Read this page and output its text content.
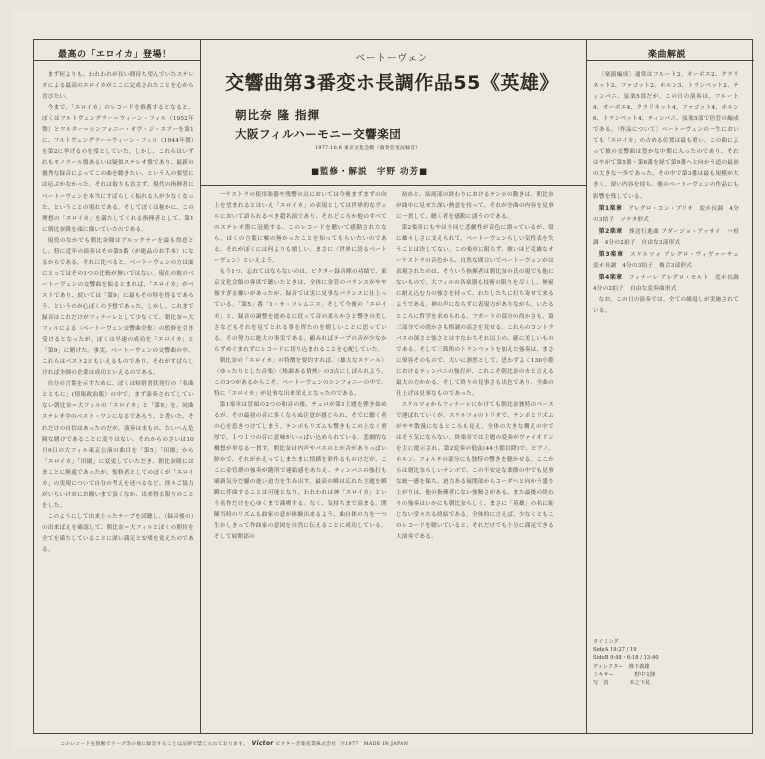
最高の「エロイカ」登場！

まず何よりも、われわれが長い間待ち望んでいたステレオによる最高のエロイカがここに完成されたことを心から喜びたい。

今まで、「エロイカ」のレコードを推薦するとなると、ぼくはフルトヴェングラー＝ウィーン・フィル（1952年盤）とワルター＝シンフォニー・オヴ・ジ・エアーを第1に、フルトヴェングラー＝ウィーン・フィル（1944年盤）を第2に挙げるのを常としていた。しかし、これらはいずれもモノラール盤あるいは疑似ステレオ盤であり、最新の優秀な録音によってこの曲を聴きたい、という人の要望には応ぶかなかった。それは取りも直さず、現代の指揮者にベートーヴェンを本当にすばらしく振れる人が少なくなった、ということの現れである。そしてぼくは秘かに、この理想の「エロイカ」を満たしてくれる指揮者として、第1に朝比奈隆を頭に描いていたのである。

現役のなかでも朝比奈隆はブルックナーを最も得意とし、特に近年の演奏はその第5番（が絶品のお手本）になるからである。それに比べると、ベートーヴェンの方は面にとってはその1つの比較が無いではない。現在の彼のベートーヴェンの交響曲を振るとまれば、「エロイカ」がベストであり、続いては「第9」に最もその特を得るであろう、というのが心ぼくの予想であった。しかし、これまで録音はこれだけがフィナーレとして少なくて、朝比奈＝大フィルによる〈ベートーヴェン交響曲全集〉の監修を引き受けるとなったが、ぼくは早速の成功を「エロイカ」と「第9」に賭けた。事実、ベートーヴェンの交響曲の中、これらはベスト2ともいえるものであり、それがすばらしければ全師の企業は成功といえるのである。

自分の言葉を示すために、ぼくは帰借書状発行の「名曲とともに」(情報政治版）の中で、まず演奏されてしていない朝比奈＝大フィルの「エロイカ」と「第9」を、同曲ステレオ中のベスト・ワンになるであろう、と書いた。それだけの自信はあったのだが、演奏は水もの、たいへん危険な賭けであることに変りはない。それからのさいは10月6日の大フィル東京公演の曲目を「第5」「田園」から「エロイカ」「田園」に変更していただき、朝比奈隆にはまことに無遠であったが、監修者としてのぼくが「エロイカ」の実現について自分の考えを述べるなど、徐々ご協力がいちいけおにお願いまで頂くなか、出来得る限りのことをした。

このようにして出来上ったテープを試聴し、（録音後の）の出来ばえを確認して、朝比奈＝大フィルとぼくの期待を全てを満たしていることに深い満足と安堵を覚えたのである。

ベートーヴェン
交響曲第3番変ホ長調作品55《英雄》
朝比奈 隆 指揮
大阪フィルハーモニー交響楽団
1977.10.6 東京文化会館（演奏会実況録音）
■監修・解説　宇野 功芳■

一ケストラの使用楽器や残響の点においては今後まずまずの向上を望まれるとはいえ「エロイカ」の表現としては世界的なヴェルにおいて語られるべき超名演であり、それどころか他のすべてのステレオ盤に冠絶する。このレコードを聴いて感動されたなら、ほくの言葉に嘘の無かったことを知ってもらいたいのである。それがぼくには何よりも嬉しい。まさに〈世界に誇るベートーヴェン〉といえよう。

もう1つ、忘れてはならないのは、ビクター録音陣の功績で、東京文化会館の客席で聴いたときは、全体に金管のバランスがやや強すぎる嫌いがあったが、録音では実に見事なバランスに仕上っている。「第5」番「1・サ・ソレムニス」そして今後の「エロイカ」と、録音の調整を進めるに従って音の柔らかさと響きの美しさなどもそれを見てとれる事を得たのを嬉しいことに思っている。その努力に絶大の事実である。顧みればテープの音が少なからずめぐまれずにレコードに切り込まれることを心配していた。

朝比奈の「エロイカ」の特徴を要約すれば、〈雄大なスケール〉〈ゆったりとした音楽〉〈格調ある情熱〉の3点にしぼられよう。この3つがあるからこそ、ベートーヴェンのシンフォニーの中で、特に「エロイカ」が見事な出来栄えとなったのである。

第1楽章は冒頭の2つの和音の後、チェロが第1主題を弾き始めるが、その最初の音に多くならぬ注意が感じられ、そでに聴く者の心を惹きつけてしまう。テンポもリズムも響きもこの上なく重厚で、１つ１つの音に意味がいっぱい込められている。悲劇的な構想が単なる一貫す。朝比奈は内声やバスのとが音がありっぱい鮮かで、それがかえってしまたまに情緒を彩作るものけだが、ここに金管群の強奏が随所で連絡感をあたえ、ティンパニの強打も刷新気分だ騒の進い迫力を生み出す。最高の瞬は広れた主題を瞬瞬に伴曲することは可能となり、われわれは神「エロイカ」という名作だけを心ゆくまで満喫する。なく、気持ちまで高まる。開陳当時のリズムも曲家の意が体験出来るよう、曲自体の力を一つ生かしきって作曲家の意図を自然に伝えることに成功している。そして展開部の

初めと、結尾部の終わりにおけるテンポの動きは、朝比奈が曲中に見せた深い熱意を持って、それが全曲の内容を見事に一貫して、聴く者を感動に誘うのである。

第2楽章にもやはり同じ悲劇性が音色に漂っているが、常に雄々しさに支えられて、ベートーヴェンらしい気性表を失うことは決してない。この楽章に限らず、敏いほど克雄なオーケストラの音色から、自然な間合いでベートーヴェンがは表現されたのは、そういう指揮者は朝比奈の氏の現でも他にないもので、大フィルの各楽器も技術の限りを尽くし、無窮に耐え込む力の強さを持って、わたしたちに打ち寄せて来るようである。神の声にならずに表現力がありながら、いたるところに哲学を求められる。フガートの部分の尚かさも、第三部分での尚かさも格調の高さを見せる。これらのコントラバスの深さと強さとはすなわちそれ以上の、確に美しいものである。そして三箇所のトランペットを加えた強奏は、まさに偉容そのもので、大いに凛然として、思わずよく130小節におけるティンパニの強打が、これこそ朝比奈のカと言える最大の力かかる、そして終りの見事さも出色であり、全曲の仕上げは見事なものであった。

スケルツォからフィナーレにかけても朝比奈独特のペースで運ばれていくが、スケルツォのトリオで、テンポとリズムがやや散漫になるところも見え、全体の大きな構えの中ではそう気にならない。終楽章では主題の変奏がヴァイオリンを主に提示され、第2変奏の低弦(44小節以降)で、ピアノ、ホルン、フォルテの部分にも独特の響きを聴かせる。ここからは朝比奈らしいテンポで、この不安定な楽節の中でも見事な統一感を保ち、迫力ある展開部からコーダへと向かう盛り上がりは、他の指揮者にない強靭さがある。また最後の終わりの強奏はいかにも朝比奈らしく、まさに「英雄」の名に恥じない堂々たる終結である。全体的に言えば、少なくともこのレコードを聴いていると、それだけでも十分に満足できる大演奏である。

楽曲解説

〔楽器編成〕通常はフルート2、オーボエ2、クラリネット2、ファゴット2、ホルン3、トランペット2、ティンパニ、弦楽5部だが、この日の演奏は、フルート4、オーボエ4、クラリネット4、ファゴット4、ホルン6、トランペット4、ティンパニ、弦楽5部で倍管の編成である。〔作品について〕ベートーヴェンの一生においても「エロイカ」の占める位置は最も重い。この曲によって彼の交響曲は豊かな中期に入ったのであり、それはやがて第5番・第6番を経て第9番へと向かう道の最初の大きな一歩であった。その中で第3番は最も規模が大きく、深い内容を持ち、後のベートーヴェンの作品にも影響を残している。

第1楽章　 アレグロ・コン・ブリオ　変ホ長調　4分の3拍子　ソナタ形式

第2楽章　 葬送行進曲 アダージョ・アッサイ　ハ短調　4分の2拍子　自由な3部形式

第3楽章　 スケルツォ アレグロ・ヴィヴァーチェ　変ホ長調　4分の3拍子　複合3部形式

第4楽章　 フィナーレ アレグロ・モルト　変ホ長調　4分の2拍子　自由な変奏曲形式

なお、この日の演奏では、全ての繰返しが実施されている。

タイミング
SideA 19:27 / 19
SideB 9:48・6:18 / 13:40
ディレクター　篠下義雄
ミキサー　　　　野中文隆
写　真　　　　木之下晃
このレコードを無断でテープ等の他に録音することは法律で禁じられております。 Victor ビクター音楽産業株式会社 Ⓟ1977　MADE IN JAPAN
